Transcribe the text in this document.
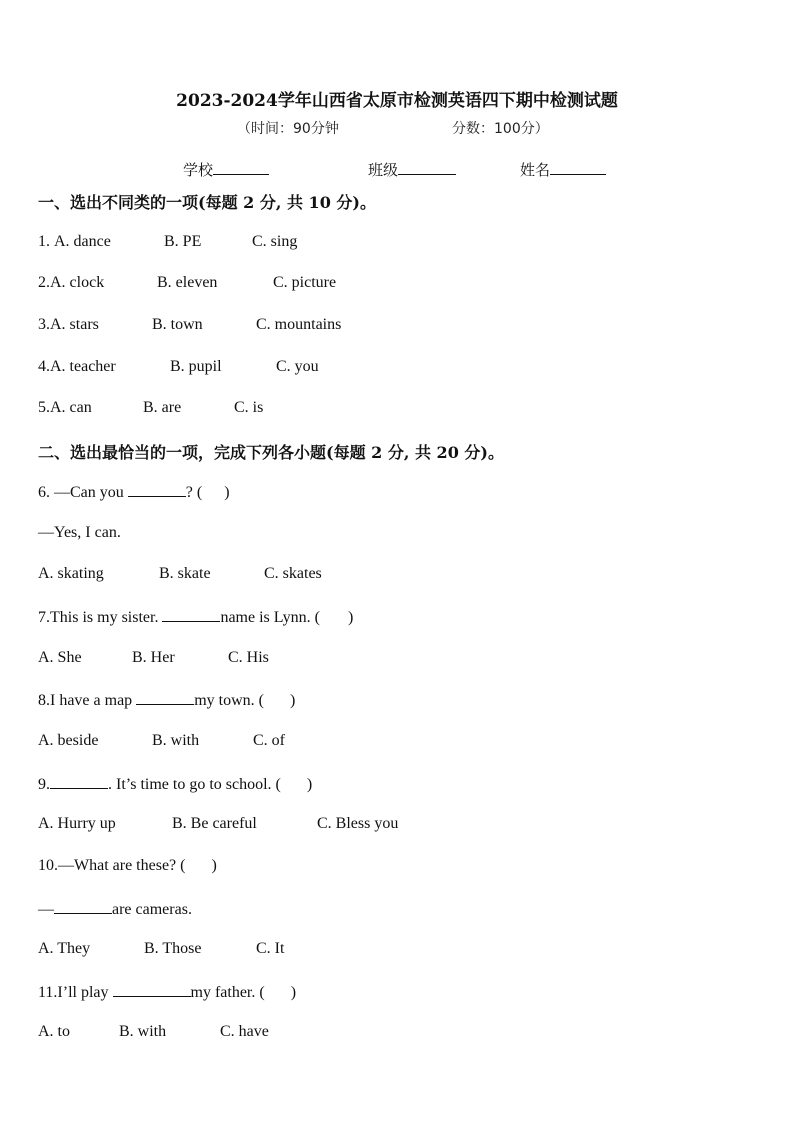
2023-2024学年山西省太原市检测英语四下期中检测试题
（时间：90分钟	分数：100分）
学校	班级	姓名
一、选出不同类的一项(每题 2 分, 共 10 分)。
1. A. dance	B. PE	C. sing
2.A. clock	B. eleven	C. picture
3.A. stars	B. town	C. mountains
4.A. teacher	B. pupil	C. you
5.A. can	B. are	C. is
二、选出最恰当的一项，完成下列各小题(每题 2 分, 共 20 分)。
6. —Can you	? ( )
—Yes, I can.
A. skating	B. skate	C. skates
7.This is my sister.	name is Lynn. ( )
A. She	B. Her	C. His
8.I have a map	my town. ( )
A. beside	B. with	C. of
9.	. It’s time to go to school. ( )
A. Hurry up	B. Be careful	C. Bless you
10.—What are these? ( )
—	are cameras.
A. They	B. Those	C. It
11.I’ll play	my father. ( )
A. to	B. with	C. have
